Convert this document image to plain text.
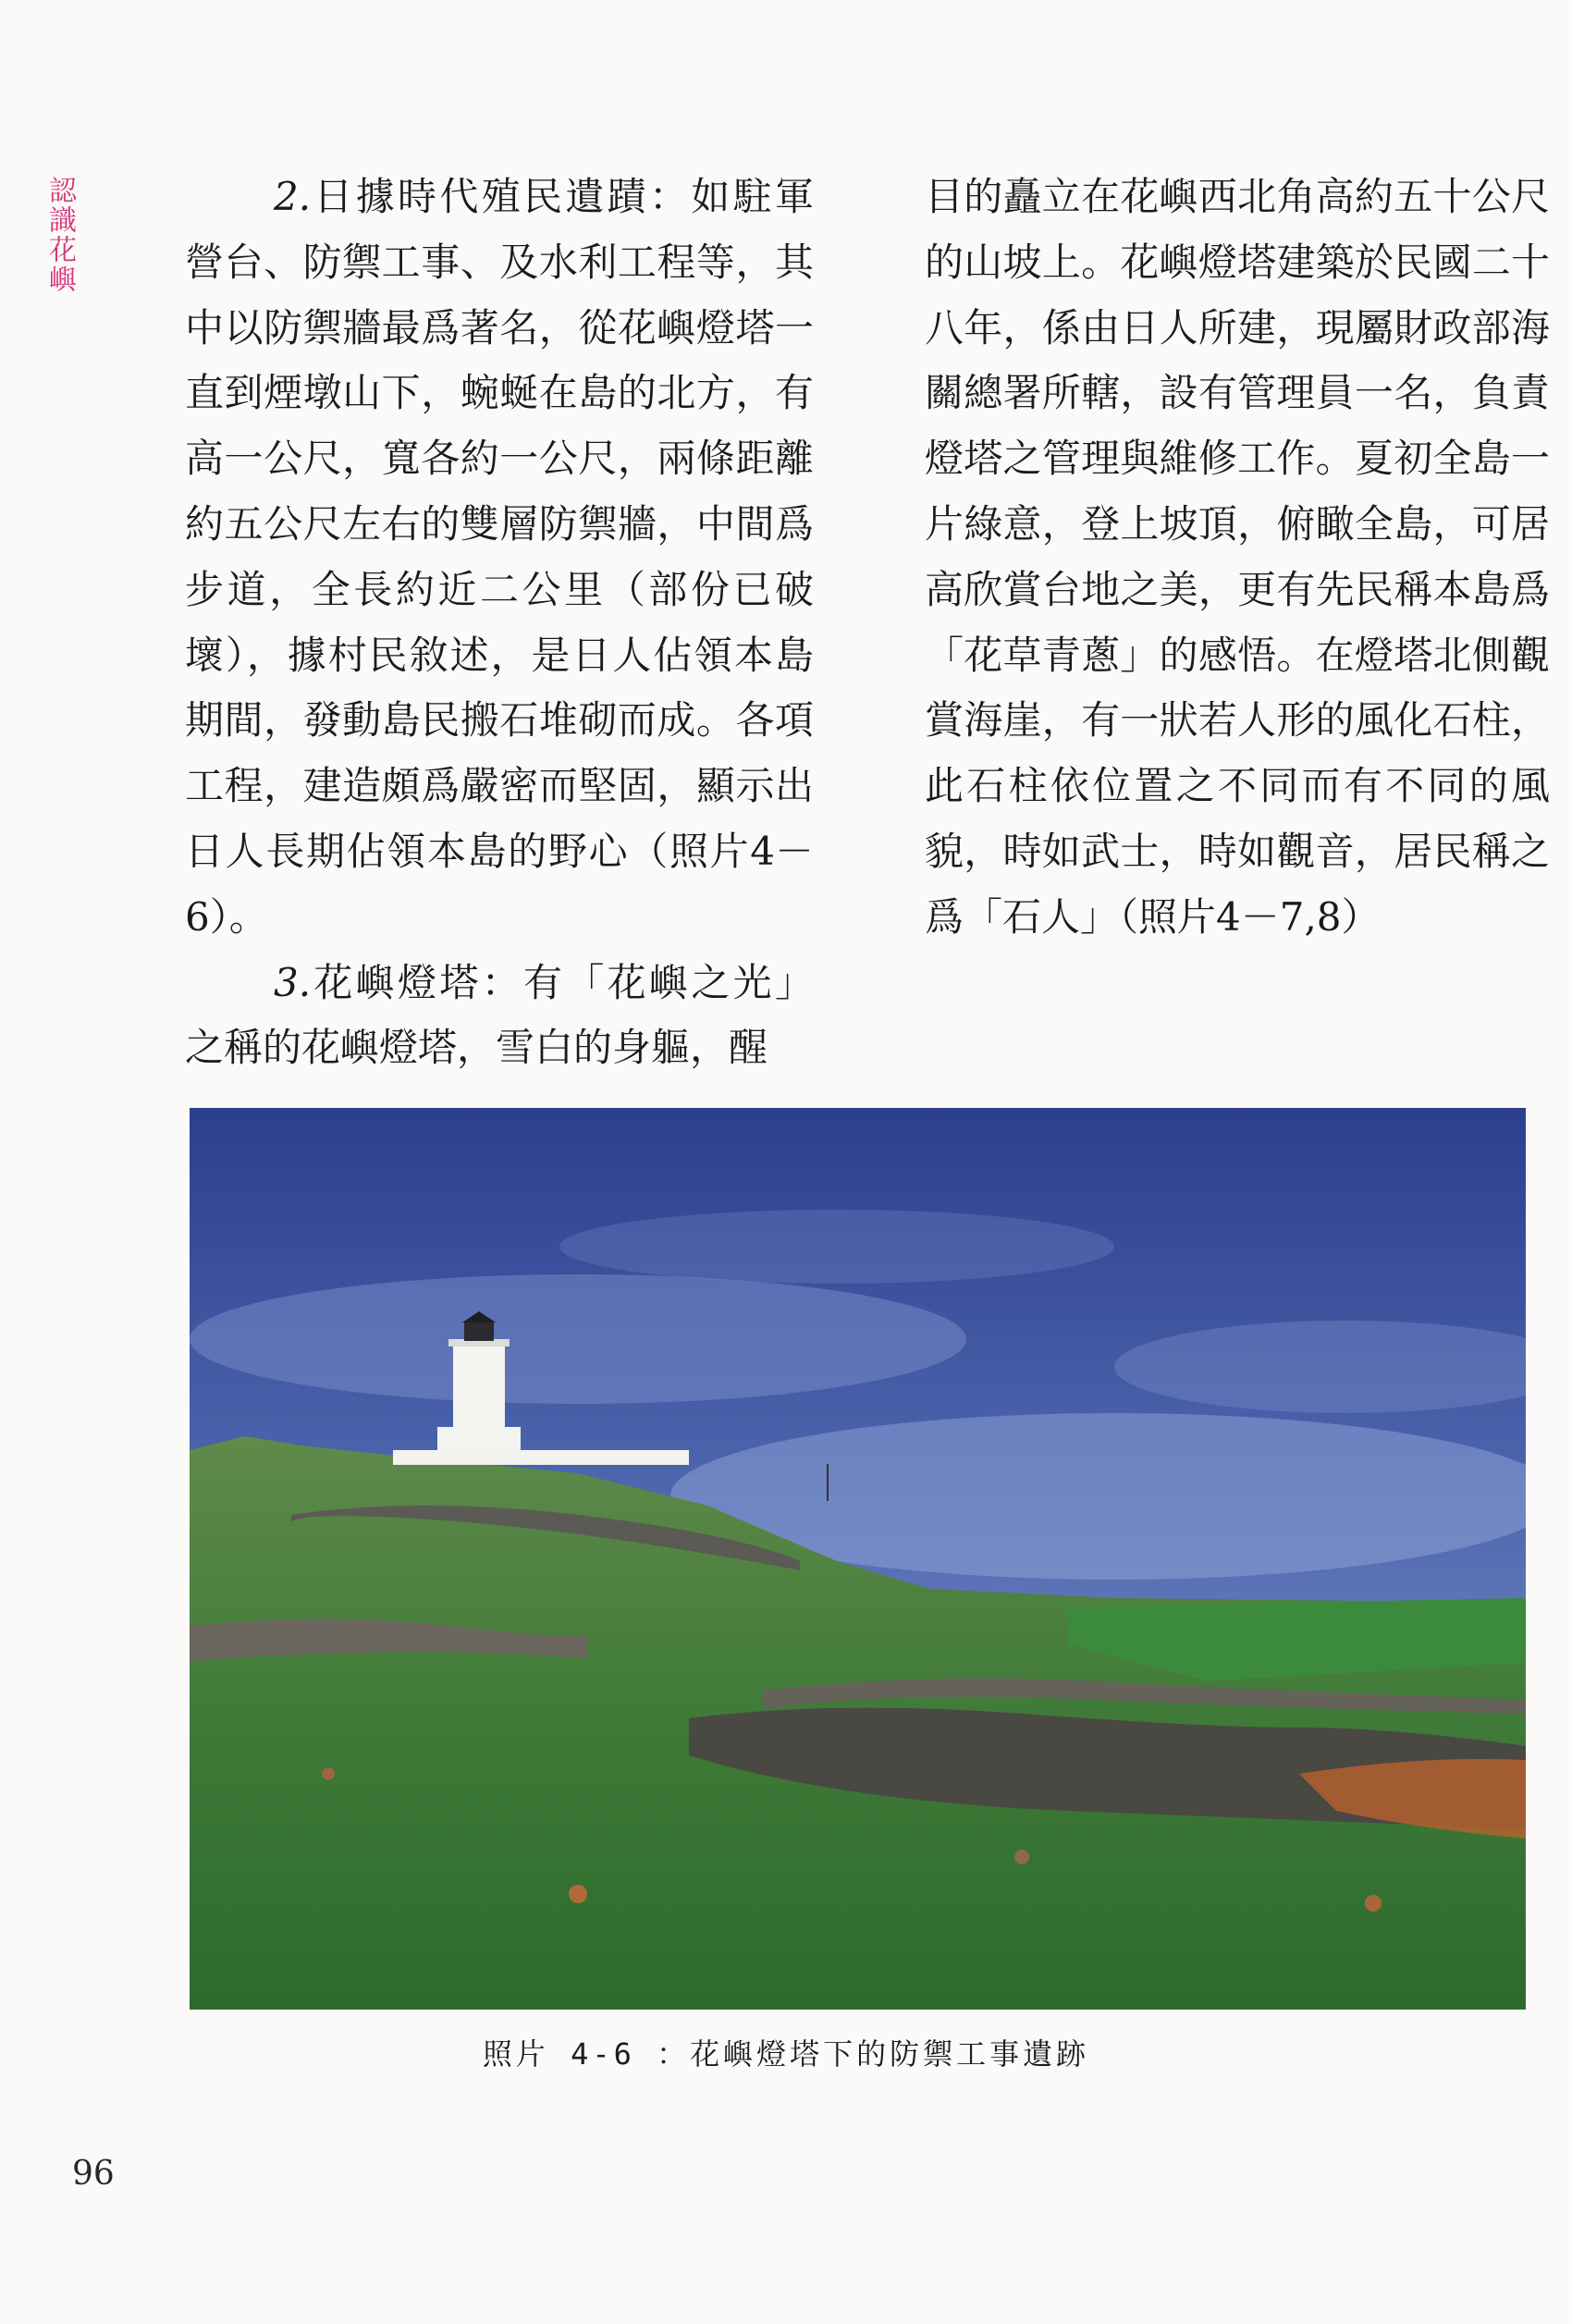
認識花嶼	2.日據時代殖民遺蹟：如駐軍營台、防禦工事、及水利工程等，其中以防禦牆最爲著名，從花嶼燈塔一直到煙墩山下，蜿蜒在島的北方，有高一公尺，寬各約一公尺，兩條距離約五公尺左右的雙層防禦牆，中間爲步道，全長約近二公里（部份已破壞），據村民敘述，是日人佔領本島期間，發動島民搬石堆砌而成。各項工程，建造頗爲嚴密而堅固，顯示出日人長期佔領本島的野心（照片4－6）。

3.花嶼燈塔：有「花嶼之光」之稱的花嶼燈塔，雪白的身軀，醒

目的矗立在花嶼西北角高約五十公尺的山坡上。花嶼燈塔建築於民國二十八年，係由日人所建，現屬財政部海關總署所轄，設有管理員一名，負責燈塔之管理與維修工作。夏初全島一片綠意，登上坡頂，俯瞰全島，可居高欣賞台地之美，更有先民稱本島爲「花草青蔥」的感悟。在燈塔北側觀賞海崖，有一狀若人形的風化石柱，此石柱依位置之不同而有不同的風貌，時如武士，時如觀音，居民稱之爲「石人」（照片4－7,8）

照片 4-6 ：花嶼燈塔下的防禦工事遺跡
96
